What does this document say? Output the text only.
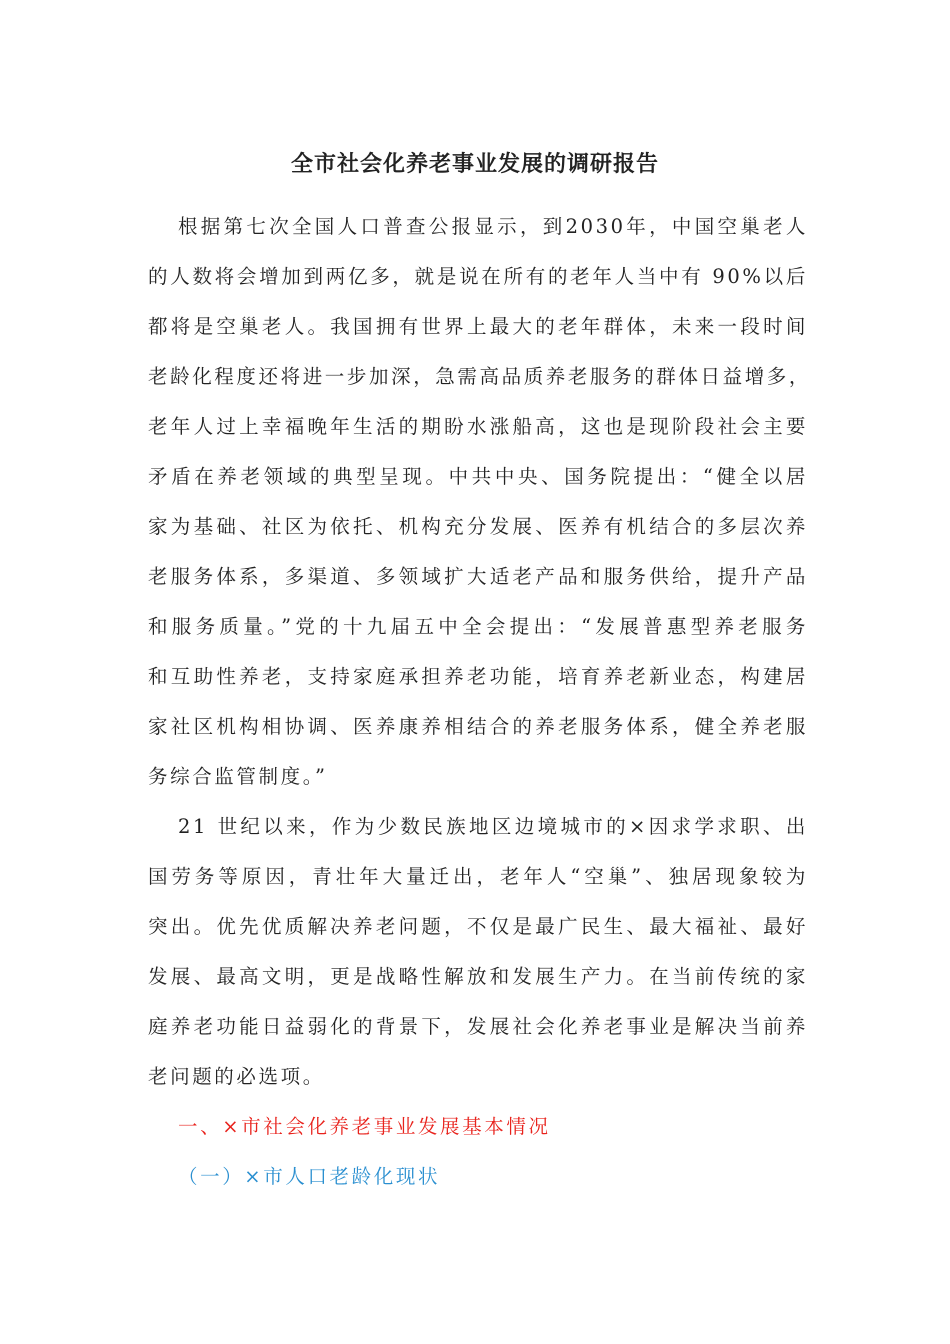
全市社会化养老事业发展的调研报告

根据第七次全国人口普查公报显示，到2030年，中国空巢老人

的人数将会增加到两亿多，就是说在所有的老年人当中有 90%以后

都将是空巢老人。我国拥有世界上最大的老年群体，未来一段时间

老龄化程度还将进一步加深，急需高品质养老服务的群体日益增多，

老年人过上幸福晚年生活的期盼水涨船高，这也是现阶段社会主要

矛盾在养老领域的典型呈现。中共中央、国务院提出：“健全以居

家为基础、社区为依托、机构充分发展、医养有机结合的多层次养

老服务体系，多渠道、多领域扩大适老产品和服务供给，提升产品

和服务质量。”党的十九届五中全会提出：“发展普惠型养老服务

和互助性养老，支持家庭承担养老功能，培育养老新业态，构建居

家社区机构相协调、医养康养相结合的养老服务体系，健全养老服

务综合监管制度。”

21 世纪以来，作为少数民族地区边境城市的×因求学求职、出

国劳务等原因，青壮年大量迁出，老年人“空巢”、独居现象较为

突出。优先优质解决养老问题，不仅是最广民生、最大福祉、最好

发展、最高文明，更是战略性解放和发展生产力。在当前传统的家

庭养老功能日益弱化的背景下，发展社会化养老事业是解决当前养

老问题的必选项。

一、×市社会化养老事业发展基本情况

（一）×市人口老龄化现状
